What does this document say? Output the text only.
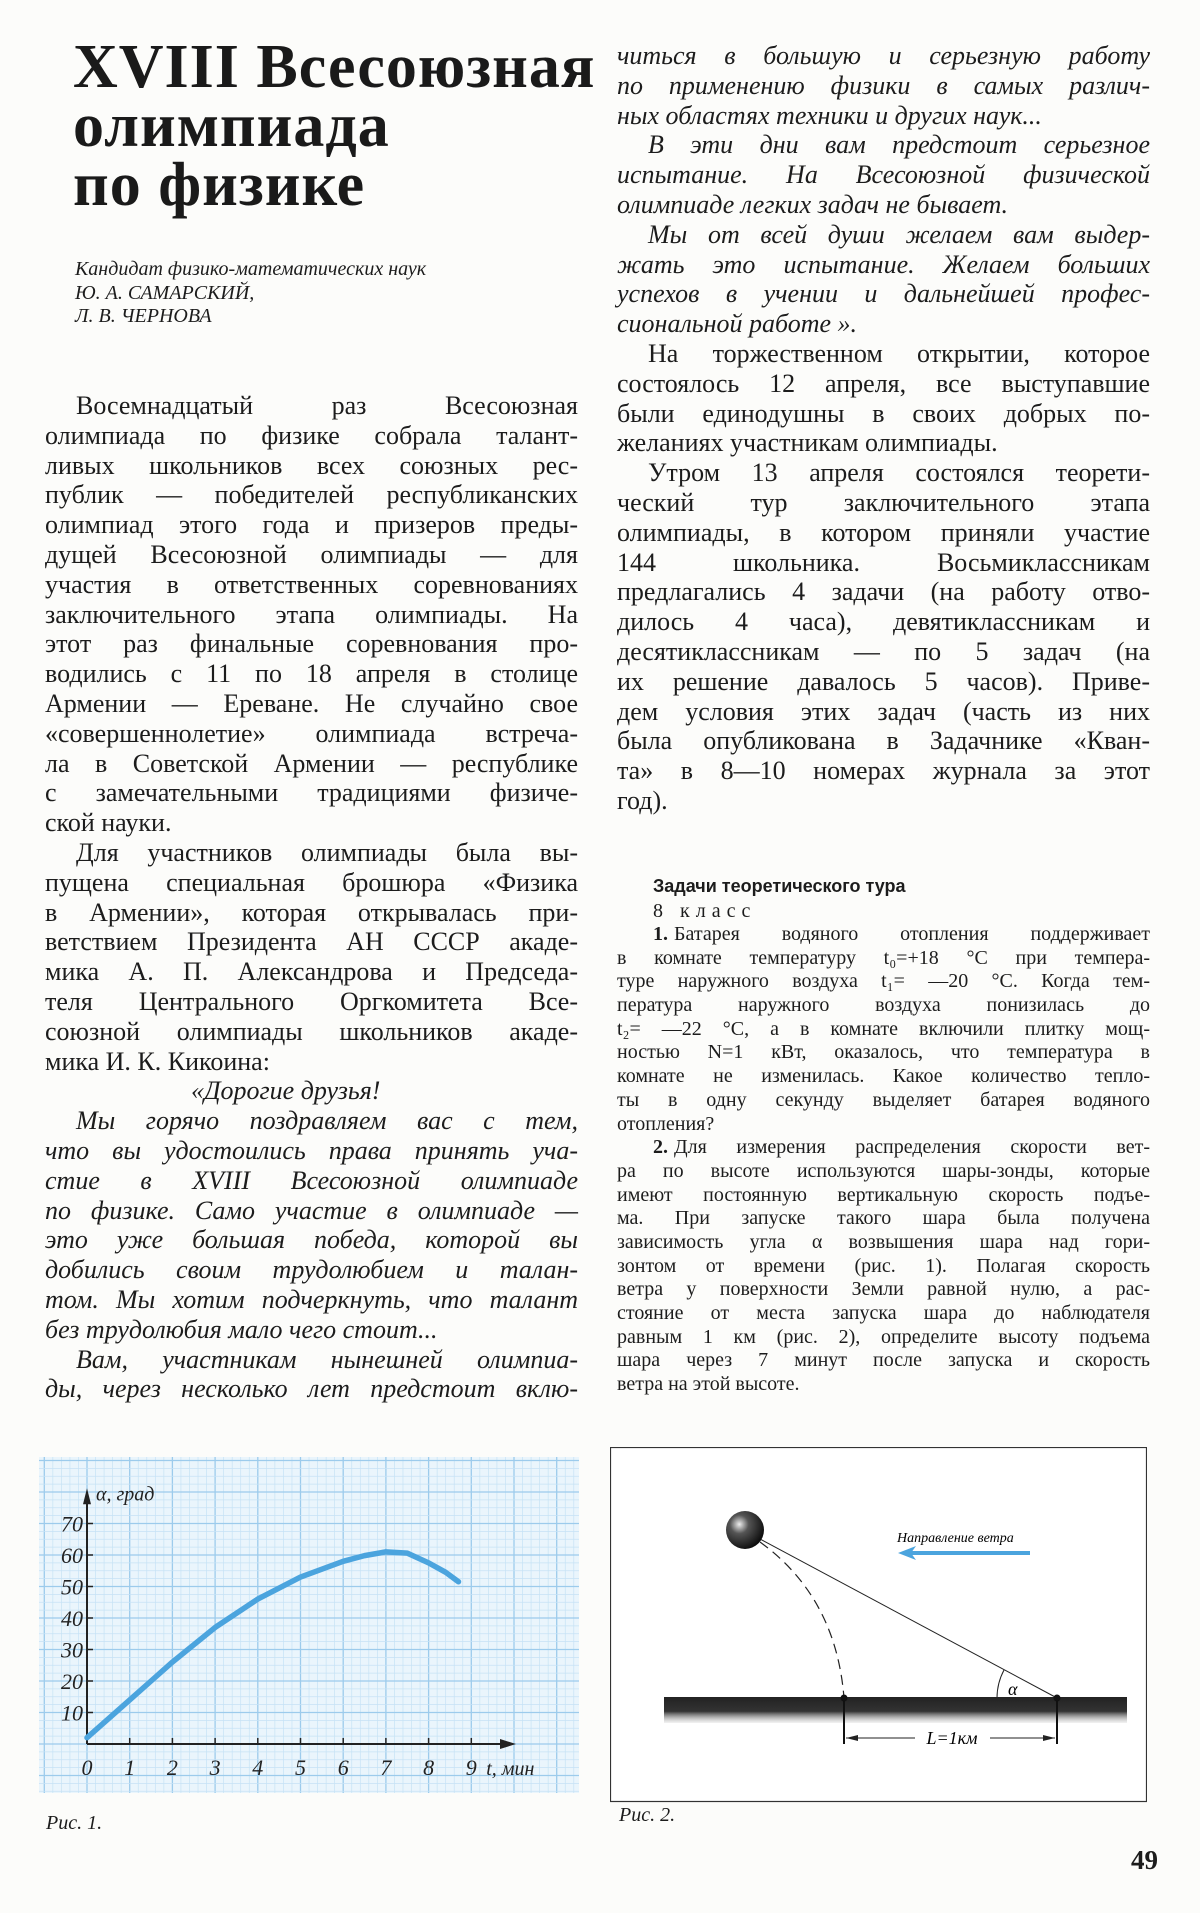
XVIII Всесоюзная
олимпиада
по физике
Кандидат физико-математических наук
Ю. А. САМАРСКИЙ,
Л. В. ЧЕРНОВА
Восемнадцатый раз Всесоюзная
олимпиада по физике собрала талант-
ливых школьников всех союзных рес-
публик — победителей республиканских
олимпиад этого года и призеров преды-
дущей Всесоюзной олимпиады — для
участия в ответственных соревнованиях
заключительного этапа олимпиады. На
этот раз финальные соревнования про-
водились с 11 по 18 апреля в столице
Армении — Ереване. Не случайно свое
«совершеннолетие» олимпиада встреча-
ла в Советской Армении — республике
с замечательными традициями физиче-
ской науки.
Для участников олимпиады была вы-
пущена специальная брошюра «Физика
в Армении», которая открывалась при-
ветствием Президента АН СССР акаде-
мика А. П. Александрова и Председа-
теля Центрального Оргкомитета Все-
союзной олимпиады школьников акаде-
мика И. К. Кикоина:
«Дорогие друзья!
Мы горячо поздравляем вас с тем,
что вы удостоились права принять уча-
стие в XVIII Всесоюзной олимпиаде
по физике. Само участие в олимпиаде —
это уже большая победа, которой вы
добились своим трудолюбием и талан-
том. Мы хотим подчеркнуть, что талант
без трудолюбия мало чего стоит...
Вам, участникам нынешней олимпиа-
ды, через несколько лет предстоит вклю-
читься в большую и серьезную работу
по применению физики в самых различ-
ных областях техники и других наук...
В эти дни вам предстоит серьезное
испытание. На Всесоюзной физической
олимпиаде легких задач не бывает.
Мы от всей души желаем вам выдер-
жать это испытание. Желаем больших
успехов в учении и дальнейшей профес-
сиональной работе ».
На торжественном открытии, которое
состоялось 12 апреля, все выступавшие
были единодушны в своих добрых по-
желаниях участникам олимпиады.
Утром 13 апреля состоялся теорети-
ческий тур заключительного этапа
олимпиады, в котором приняли участие
144 школьника. Восьмиклассникам
предлагались 4 задачи (на работу отво-
дилось 4 часа), девятиклассникам и
десятиклассникам — по 5 задач (на
их решение давалось 5 часов). Приве-
дем условия этих задач (часть из них
была опубликована в Задачнике «Кван-
та» в 8—10 номерах журнала за этот
год).
Задачи теоретического тура
8 класс
1. Батарея водяного отопления поддерживает
в комнате температуру t₀=+18 °C при темпера-
туре наружного воздуха t₁= —20 °C. Когда тем-
пература наружного воздуха понизилась до
t₂= —22 °C, а в комнате включили плитку мощ-
ностью N=1 кВт, оказалось, что температура в
комнате не изменилась. Какое количество тепло-
ты в одну секунду выделяет батарея водяного
отопления?
2. Для измерения распределения скорости вет-
ра по высоте используются шары-зонды, которые
имеют постоянную вертикальную скорость подъе-
ма. При запуске такого шара была получена
зависимость угла α возвышения шара над гори-
зонтом от времени (рис. 1). Полагая скорость
ветра у поверхности Земли равной нулю, а рас-
стояние от места запуска шара до наблюдателя
равным 1 км (рис. 2), определите высоту подъема
шара через 7 минут после запуска и скорость
ветра на этой высоте.
0 1 2 3 4 5 6 7 8 9
10
20
30
40
50
60
70
t, мин
α, град
Рис. 1.
α
L=1км
Направление ветра
Рис. 2.
49
